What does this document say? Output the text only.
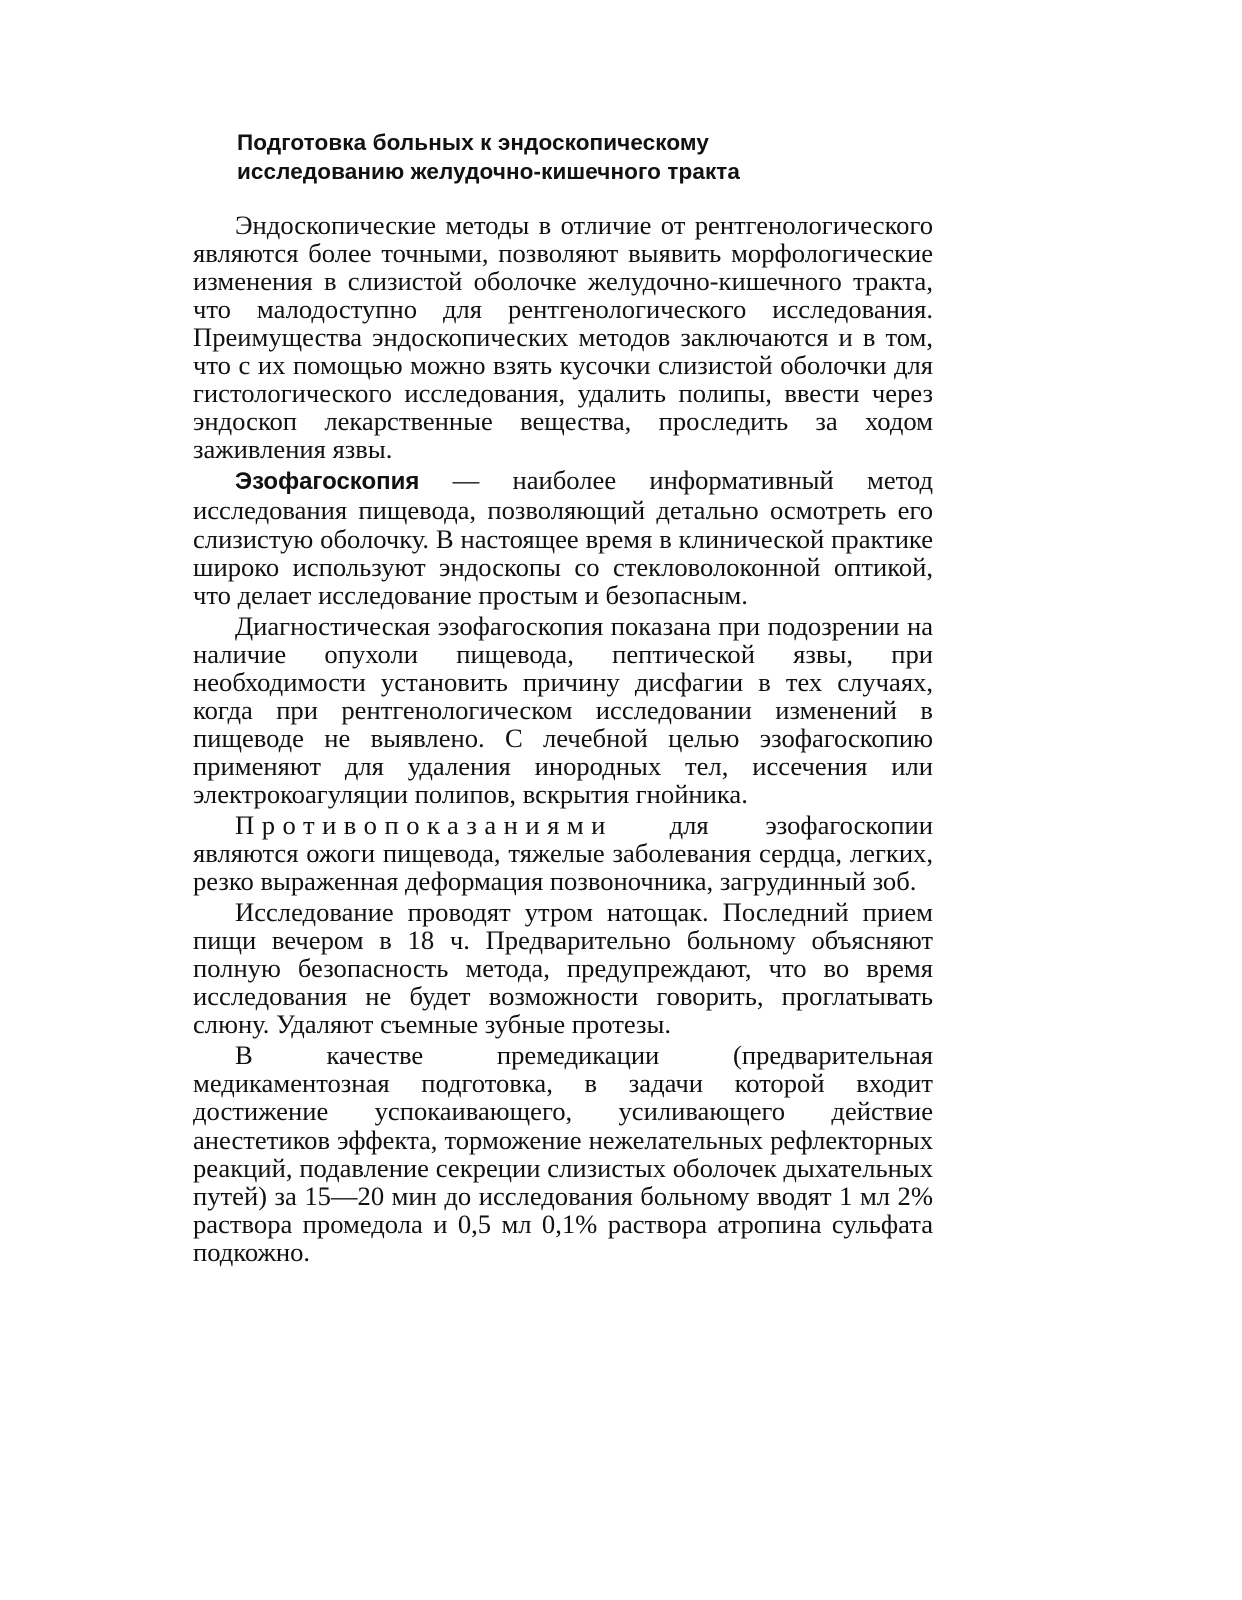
Подготовка больных к эндоскопическому
исследованию желудочно-кишечного тракта

Эндоскопические методы в отличие от рентгенологического являются более точными, позволяют выявить морфологические изменения в слизистой оболочке желудочно-кишечного тракта, что малодоступно для рентгенологического исследования. Преимущества эндоскопических методов заключаются и в том, что с их помощью можно взять кусочки слизистой оболочки для гистологического исследования, удалить полипы, ввести через эндоскоп лекарственные вещества, проследить за ходом заживления язвы.

Эзофагоскопия — наиболее информативный метод исследования пищевода, позволяющий детально осмотреть его слизистую оболочку. В настоящее время в клинической практике широко используют эндоскопы со стекловолоконной оптикой, что делает исследование простым и безопасным.

Диагностическая эзофагоскопия показана при подозрении на наличие опухоли пищевода, пептической язвы, при необходимости установить причину дисфагии в тех случаях, когда при рентгенологическом исследовании изменений в пищеводе не выявлено. С лечебной целью эзофагоскопию применяют для удаления инородных тел, иссечения или электрокоагуляции полипов, вскрытия гнойника.

Противопоказаниями для эзофагоскопии являются ожоги пищевода, тяжелые заболевания сердца, легких, резко выраженная деформация позвоночника, загрудинный зоб.

Исследование проводят утром натощак. Последний прием пищи вечером в 18 ч. Предварительно больному объясняют полную безопасность метода, предупреждают, что во время исследования не будет возможности говорить, проглатывать слюну. Удаляют съемные зубные протезы.

В качестве премедикации (предварительная медикаментозная подготовка, в задачи которой входит достижение успокаивающего, усиливающего действие анестетиков эффекта, торможение нежелательных рефлекторных реакций, подавление секреции слизистых оболочек дыхательных путей) за 15—20 мин до исследования больному вводят 1 мл 2% раствора промедола и 0,5 мл 0,1% раствора атропина сульфата подкожно.
